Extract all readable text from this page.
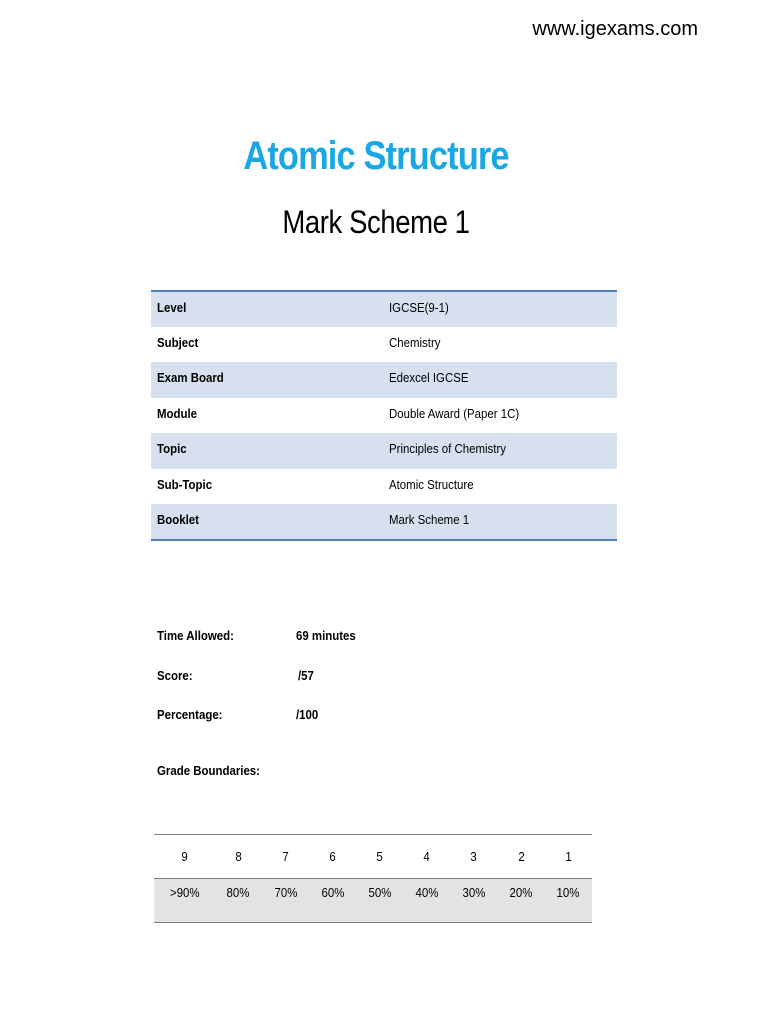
www.igexams.com
Atomic Structure
Mark Scheme 1
Level	IGCSE(9-1)
Subject	Chemistry
Exam Board	Edexcel IGCSE
Module	Double Award (Paper 1C)
Topic	Principles of Chemistry
Sub-Topic	Atomic Structure
Booklet	Mark Scheme 1
Time Allowed:	69 minutes
Score:	/57
Percentage:	/100
Grade Boundaries:
9	8	7	6	5	4	3	2	1
>90%	80%	70%	60%	50%	40%	30%	20%	10%
